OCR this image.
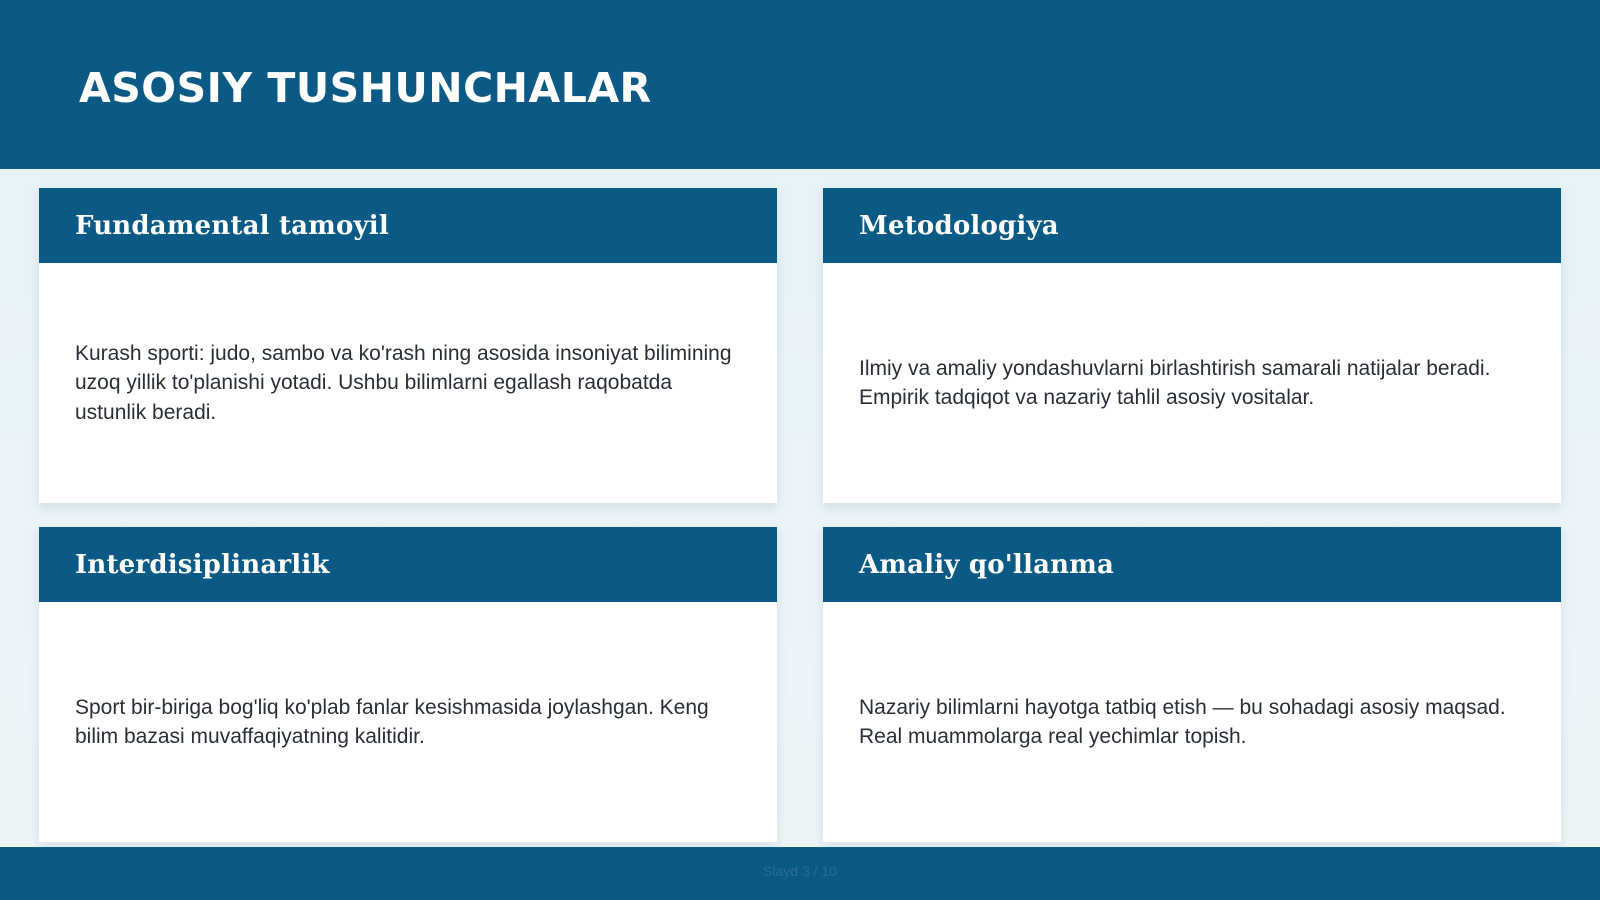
ASOSIY TUSHUNCHALAR
Fundamental tamoyil

Kurash sporti: judo, sambo va ko'rash ning asosida insoniyat bilimining uzoq yillik to'planishi yotadi. Ushbu bilimlarni egallash raqobatda ustunlik beradi.

Metodologiya

Ilmiy va amaliy yondashuvlarni birlashtirish samarali natijalar beradi. Empirik tadqiqot va nazariy tahlil asosiy vositalar.

Interdisiplinarlik

Sport bir-biriga bog'liq ko'plab fanlar kesishmasida joylashgan. Keng bilim bazasi muvaffaqiyatning kalitidir.

Amaliy qo'llanma

Nazariy bilimlarni hayotga tatbiq etish — bu sohadagi asosiy maqsad. Real muammolarga real yechimlar topish.

Slayd 3 / 10
